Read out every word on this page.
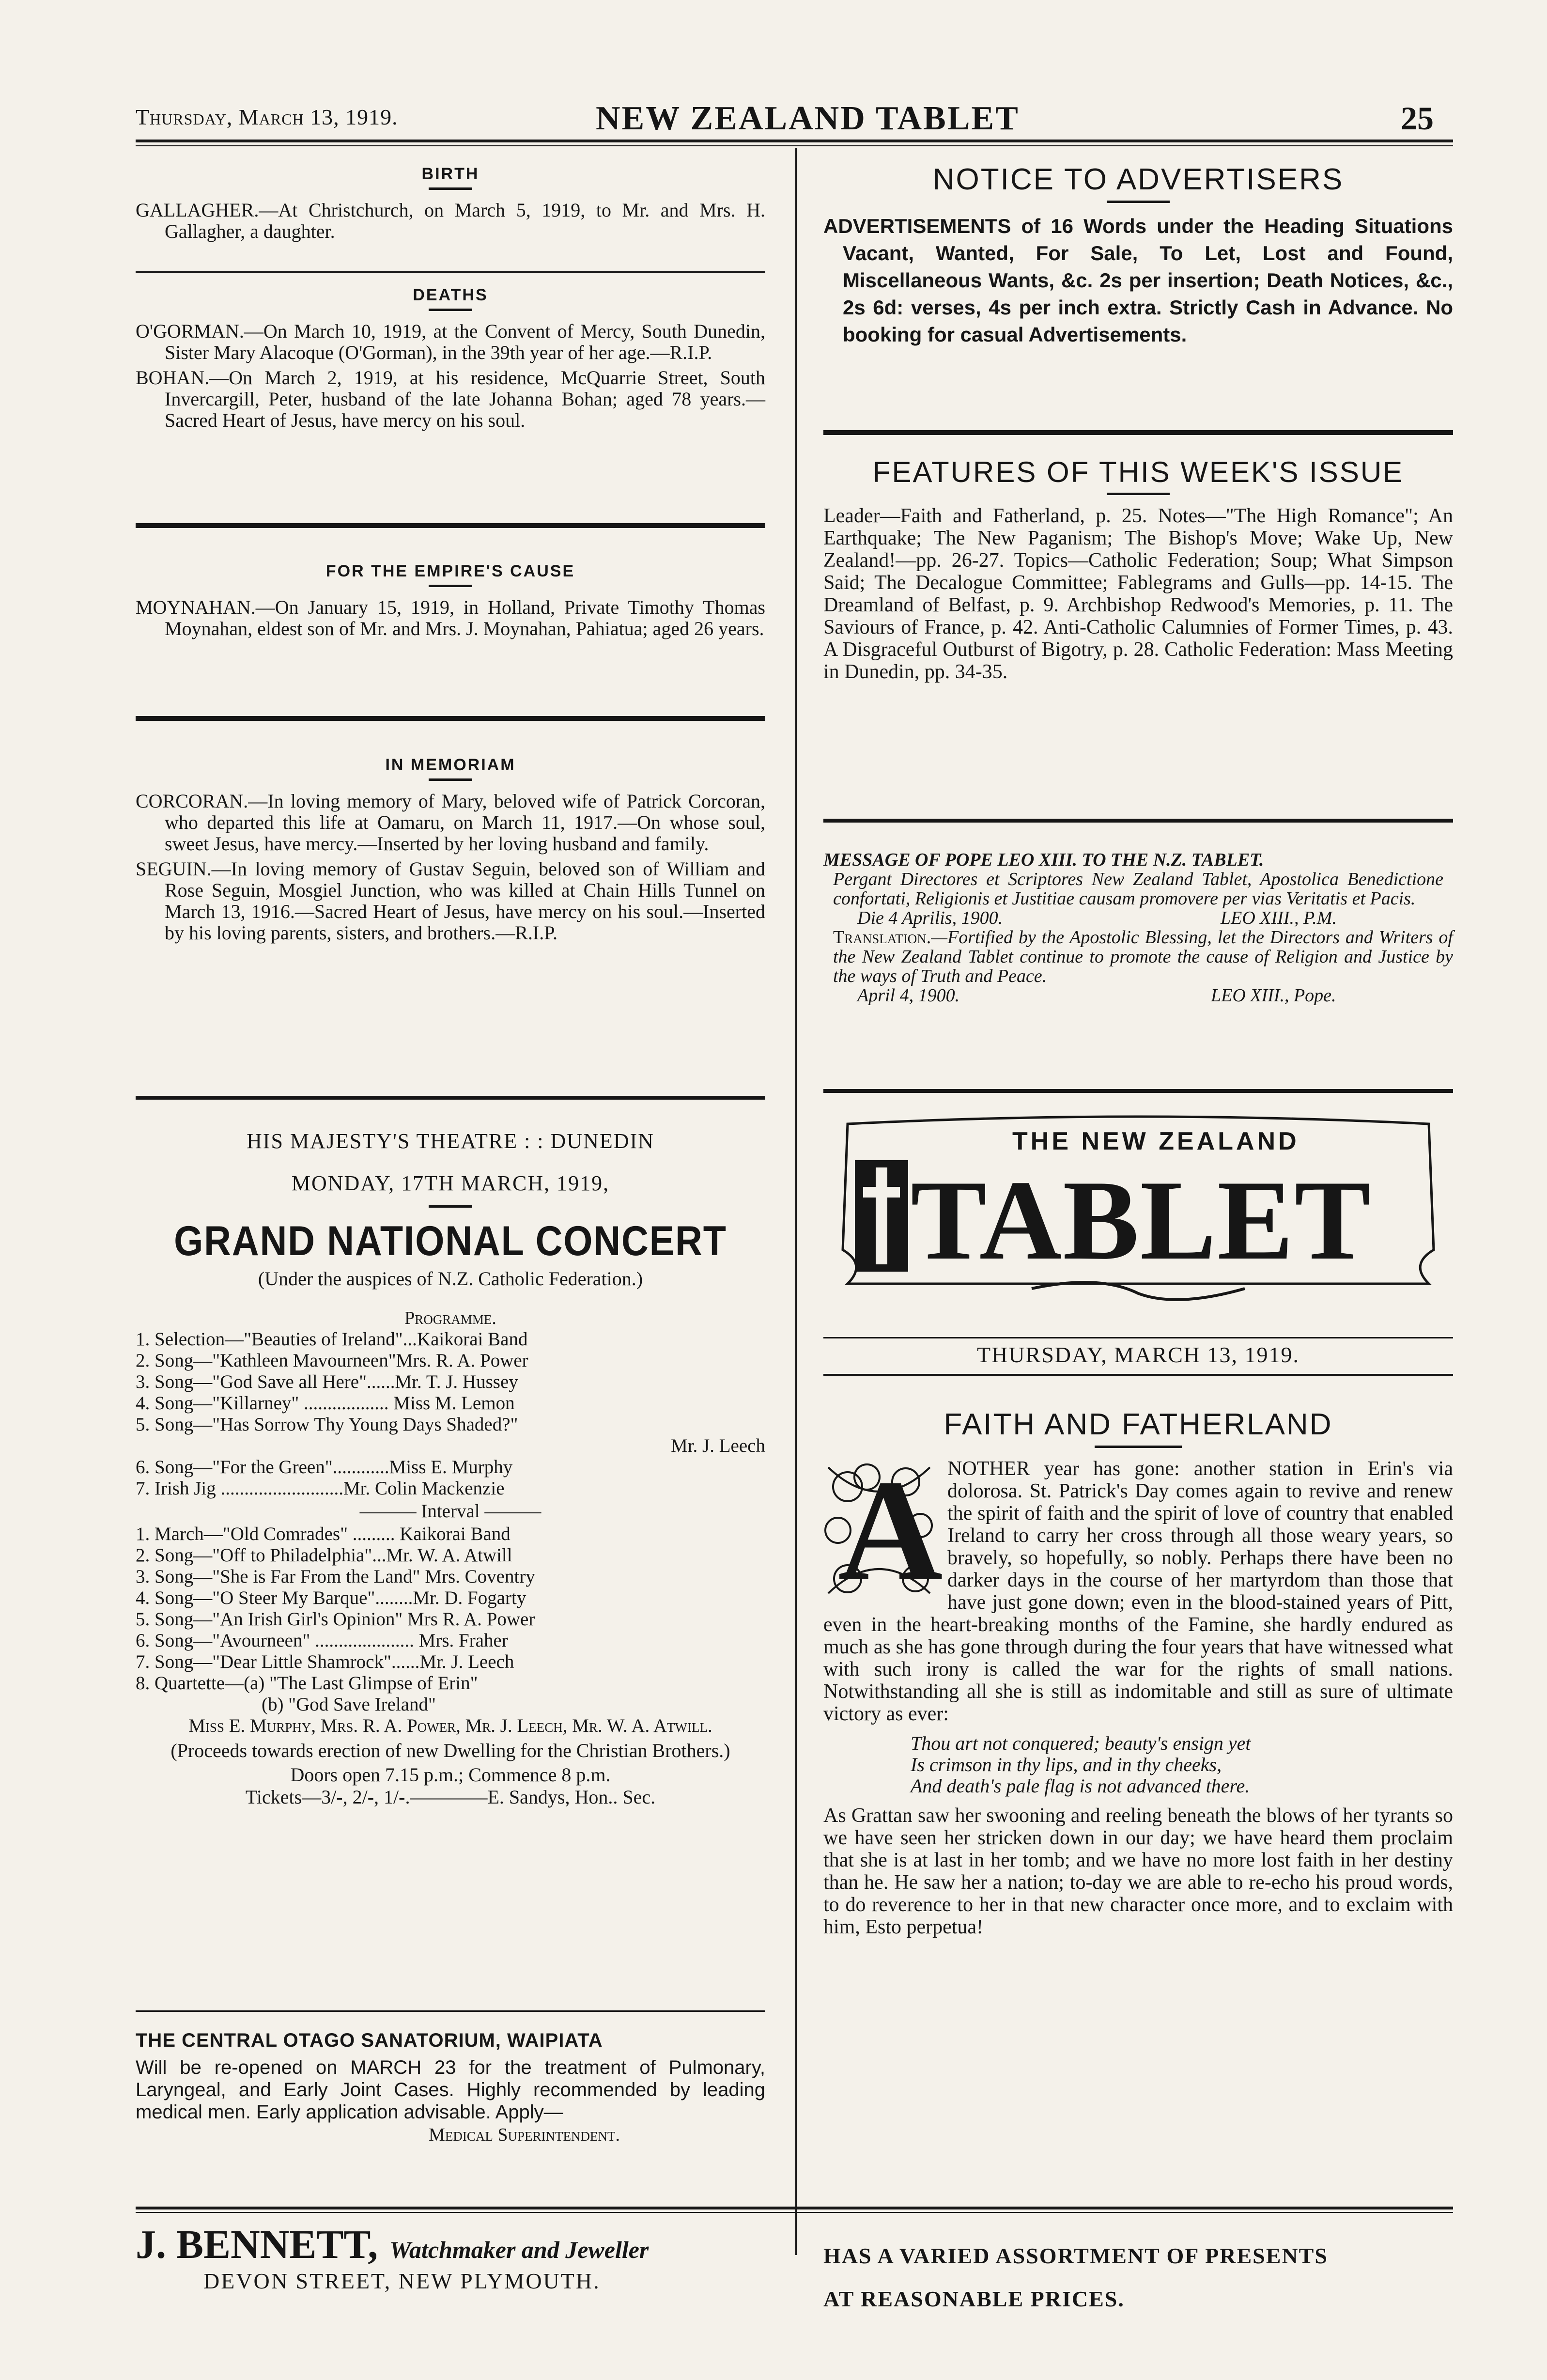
Thursday, March 13, 1919.	NEW ZEALAND TABLET	25

BIRTH

GALLAGHER.—At Christchurch, on March 5, 1919, to Mr. and Mrs. H. Gallagher, a daughter.

DEATHS

O'GORMAN.—On March 10, 1919, at the Convent of Mercy, South Dunedin, Sister Mary Alacoque (O'Gorman), in the 39th year of her age.—R.I.P.

BOHAN.—On March 2, 1919, at his residence, McQuarrie Street, South Invercargill, Peter, husband of the late Johanna Bohan; aged 78 years.—Sacred Heart of Jesus, have mercy on his soul.

FOR THE EMPIRE'S CAUSE

MOYNAHAN.—On January 15, 1919, in Holland, Private Timothy Thomas Moynahan, eldest son of Mr. and Mrs. J. Moynahan, Pahiatua; aged 26 years.

IN MEMORIAM

CORCORAN.—In loving memory of Mary, beloved wife of Patrick Corcoran, who departed this life at Oamaru, on March 11, 1917.—On whose soul, sweet Jesus, have mercy.—Inserted by her loving husband and family.

SEGUIN.—In loving memory of Gustav Seguin, beloved son of William and Rose Seguin, Mosgiel Junction, who was killed at Chain Hills Tunnel on March 13, 1916.—Sacred Heart of Jesus, have mercy on his soul.—Inserted by his loving parents, sisters, and brothers.—R.I.P.

HIS MAJESTY'S THEATRE : : DUNEDIN
MONDAY, 17TH MARCH, 1919,
GRAND NATIONAL CONCERT
(Under the auspices of N.Z. Catholic Federation.)
Programme.
1. Selection—"Beauties of Ireland"...Kaikorai Band
2. Song—"Kathleen Mavourneen"Mrs. R. A. Power
3. Song—"God Save all Here"......Mr. T. J. Hussey
4. Song—"Killarney" .................. Miss M. Lemon
5. Song—"Has Sorrow Thy Young Days Shaded?"
Mr. J. Leech
6. Song—"For the Green"............Miss E. Murphy
7. Irish Jig ..........................Mr. Colin Mackenzie
——— Interval ———
1. March—"Old Comrades" ......... Kaikorai Band
2. Song—"Off to Philadelphia"...Mr. W. A. Atwill
3. Song—"She is Far From the Land" Mrs. Coventry
4. Song—"O Steer My Barque"........Mr. D. Fogarty
5. Song—"An Irish Girl's Opinion" Mrs R. A. Power
6. Song—"Avourneen" ..................... Mrs. Fraher
7. Song—"Dear Little Shamrock"......Mr. J. Leech
8. Quartette—(a) "The Last Glimpse of Erin"
(b) "God Save Ireland"
Miss E. Murphy, Mrs. R. A. Power, Mr. J. Leech, Mr. W. A. Atwill.
(Proceeds towards erection of new Dwelling for the Christian Brothers.)
Doors open 7.15 p.m.; Commence 8 p.m.
Tickets—3/-, 2/-, 1/-.————E. Sandys, Hon.. Sec.
THE CENTRAL OTAGO SANATORIUM, WAIPIATA
Will be re-opened on MARCH 23 for the treatment of Pulmonary, Laryngeal, and Early Joint Cases. Highly recommended by leading medical men. Early application advisable. Apply—
Medical Superintendent.

NOTICE TO ADVERTISERS

ADVERTISEMENTS of 16 Words under the Heading Situations Vacant, Wanted, For Sale, To Let, Lost and Found, Miscellaneous Wants, &c. 2s per insertion; Death Notices, &c., 2s 6d: verses, 4s per inch extra. Strictly Cash in Advance. No booking for casual Advertisements.

FEATURES OF THIS WEEK'S ISSUE

Leader—Faith and Fatherland, p. 25. Notes—"The High Romance"; An Earthquake; The New Paganism; The Bishop's Move; Wake Up, New Zealand!—pp. 26-27. Topics—Catholic Federation; Soup; What Simpson Said; The Decalogue Committee; Fablegrams and Gulls—pp. 14-15. The Dreamland of Belfast, p. 9. Archbishop Redwood's Memories, p. 11. The Saviours of France, p. 42. Anti-Catholic Calumnies of Former Times, p. 43. A Disgraceful Outburst of Bigotry, p. 28. Catholic Federation: Mass Meeting in Dunedin, pp. 34-35.
MESSAGE OF POPE LEO XIII. TO THE N.Z. TABLET.
Pergant Directores et Scriptores New Zealand Tablet, Apostolica Benedictione confortati, Religionis et Justitiae causam promovere per vias Veritatis et Pacis.
Die 4 Aprilis, 1900.	LEO XIII., P.M.
Translation.—Fortified by the Apostolic Blessing, let the Directors and Writers of the New Zealand Tablet continue to promote the cause of Religion and Justice by the ways of Truth and Peace.
April 4, 1900.	LEO XIII., Pope.
THE NEW ZEALAND
TABLET
THURSDAY, MARCH 13, 1919.

FAITH AND FATHERLAND

A NOTHER year has gone: another station in Erin's via dolorosa. St. Patrick's Day comes again to revive and renew the spirit of faith and the spirit of love of country that enabled Ireland to carry her cross through all those weary years, so bravely, so hopefully, so nobly. Perhaps there have been no darker days in the course of her martyrdom than those that have just gone down; even in the blood-stained years of Pitt, even in the heart-breaking months of the Famine, she hardly endured as much as she has gone through during the four years that have witnessed what with such irony is called the war for the rights of small nations. Notwithstanding all she is still as indomitable and still as sure of ultimate victory as ever:
Thou art not conquered; beauty's ensign yet
Is crimson in thy lips, and in thy cheeks,
And death's pale flag is not advanced there.
As Grattan saw her swooning and reeling beneath the blows of her tyrants so we have seen her stricken down in our day; we have heard them proclaim that she is at last in her tomb; and we have no more lost faith in her destiny than he. He saw her a nation; to-day we are able to re-echo his proud words, to do reverence to her in that new character once more, and to exclaim with him, Esto perpetua!
J. BENNETT, Watchmaker and Jeweller
DEVON STREET, NEW PLYMOUTH.
HAS A VARIED ASSORTMENT OF PRESENTS
AT REASONABLE PRICES.
